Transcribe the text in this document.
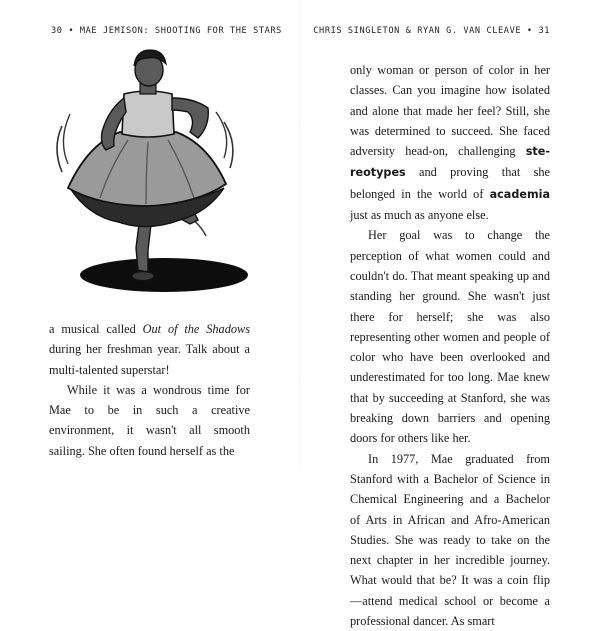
30 • MAE JEMISON: SHOOTING FOR THE STARS

a musical called Out of the Shadows during her freshman year. Talk about a multi-talented superstar!

While it was a wondrous time for Mae to be in such a creative environment, it wasn't all smooth sailing. She often found herself as the

CHRIS SINGLETON & RYAN G. VAN CLEAVE • 31

only woman or person of color in her classes. Can you imagine how isolated and alone that made her feel? Still, she was determined to succeed. She faced adversity head-on, challenging ste-reotypes and proving that she belonged in the world of academia just as much as anyone else.

Her goal was to change the perception of what women could and couldn't do. That meant speaking up and standing her ground. She wasn't just there for herself; she was also representing other women and people of color who have been overlooked and underestimated for too long. Mae knew that by succeeding at Stanford, she was breaking down barriers and opening doors for others like her.

In 1977, Mae graduated from Stanford with a Bachelor of Science in Chemical Engineering and a Bachelor of Arts in African and Afro-American Studies. She was ready to take on the next chapter in her incredible journey. What would that be? It was a coin flip—attend medical school or become a professional dancer. As smart
